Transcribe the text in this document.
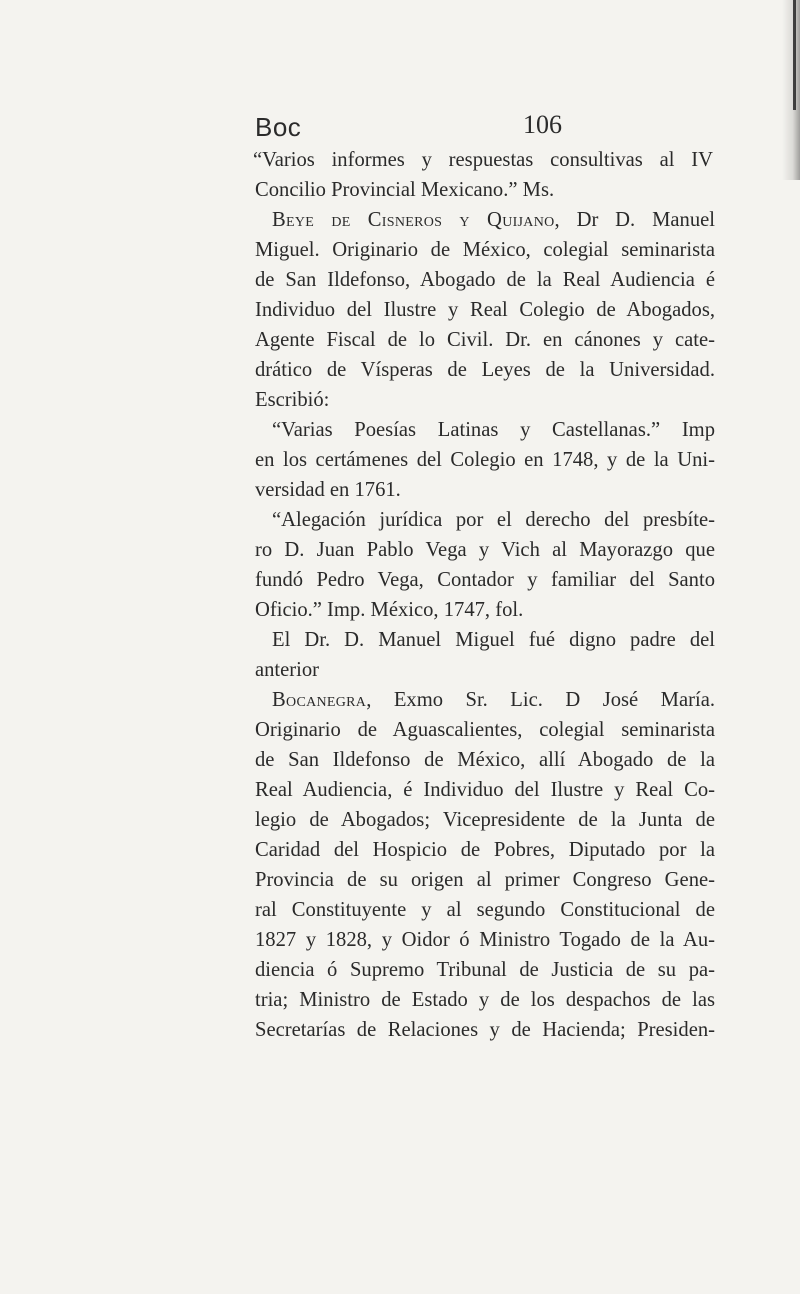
Boc	106
“Varios informes y respuestas consultivas al IV
Concilio Provincial Mexicano.” Ms.
Beye de Cisneros y Quijano, Dr D. Manuel
Miguel. Originario de México, colegial seminarista
de San Ildefonso, Abogado de la Real Audiencia é
Individuo del Ilustre y Real Colegio de Abogados,
Agente Fiscal de lo Civil. Dr. en cánones y cate-
drático de Vísperas de Leyes de la Universidad.
Escribió:
“Varias Poesías Latinas y Castellanas.” Imp
en los certámenes del Colegio en 1748, y de la Uni-
versidad en 1761.
“Alegación jurídica por el derecho del presbíte-
ro D. Juan Pablo Vega y Vich al Mayorazgo que
fundó Pedro Vega, Contador y familiar del Santo
Oficio.” Imp. México, 1747, fol.
El Dr. D. Manuel Miguel fué digno padre del
anterior
Bocanegra, Exmo Sr. Lic. D José María.
Originario de Aguascalientes, colegial seminarista
de San Ildefonso de México, allí Abogado de la
Real Audiencia, é Individuo del Ilustre y Real Co-
legio de Abogados; Vicepresidente de la Junta de
Caridad del Hospicio de Pobres, Diputado por la
Provincia de su origen al primer Congreso Gene-
ral Constituyente y al segundo Constitucional de
1827 y 1828, y Oidor ó Ministro Togado de la Au-
diencia ó Supremo Tribunal de Justicia de su pa-
tria; Ministro de Estado y de los despachos de las
Secretarías de Relaciones y de Hacienda; Presiden-
